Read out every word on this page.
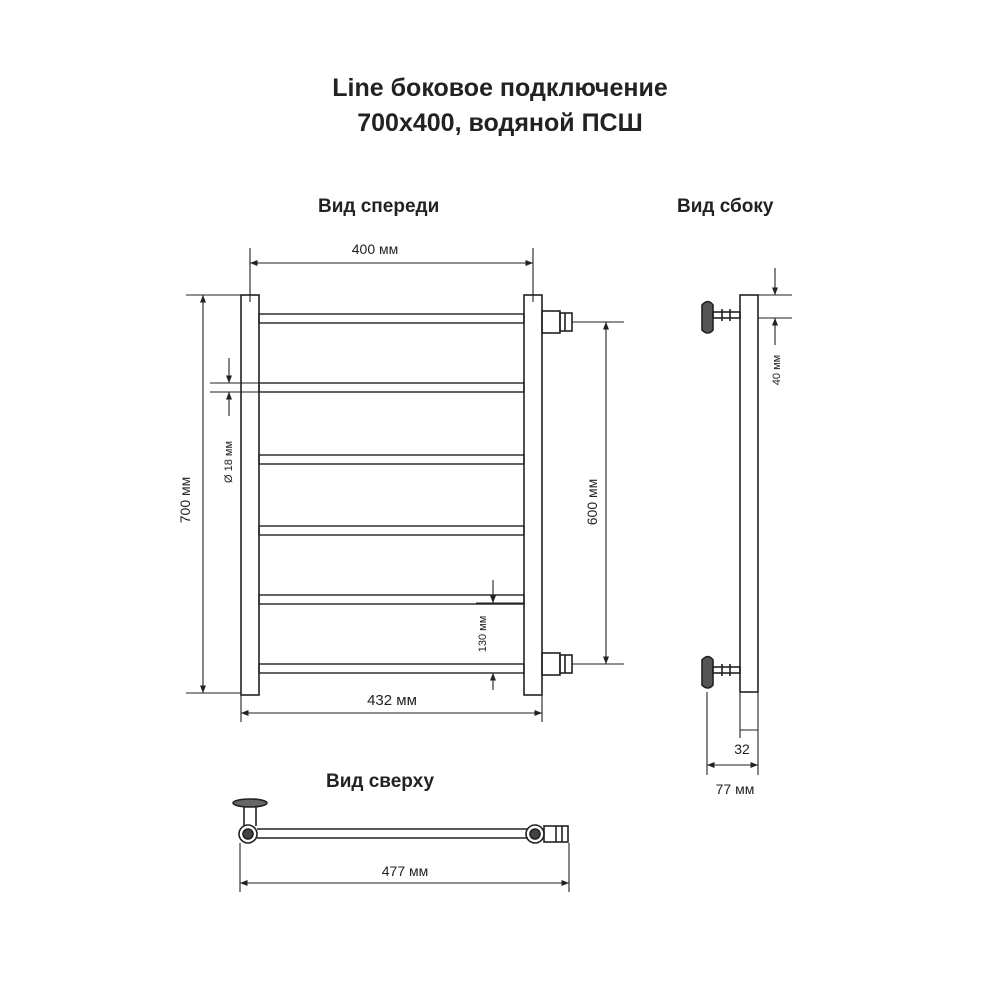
Line боковое подключение
700х400, водяной ПСШ
Вид спереди	Вид сбоку
Вид сверху
400 мм
700 мм
Ø 18 мм
600 мм
130 мм
432 мм
40 мм
32
77 мм
477 мм
